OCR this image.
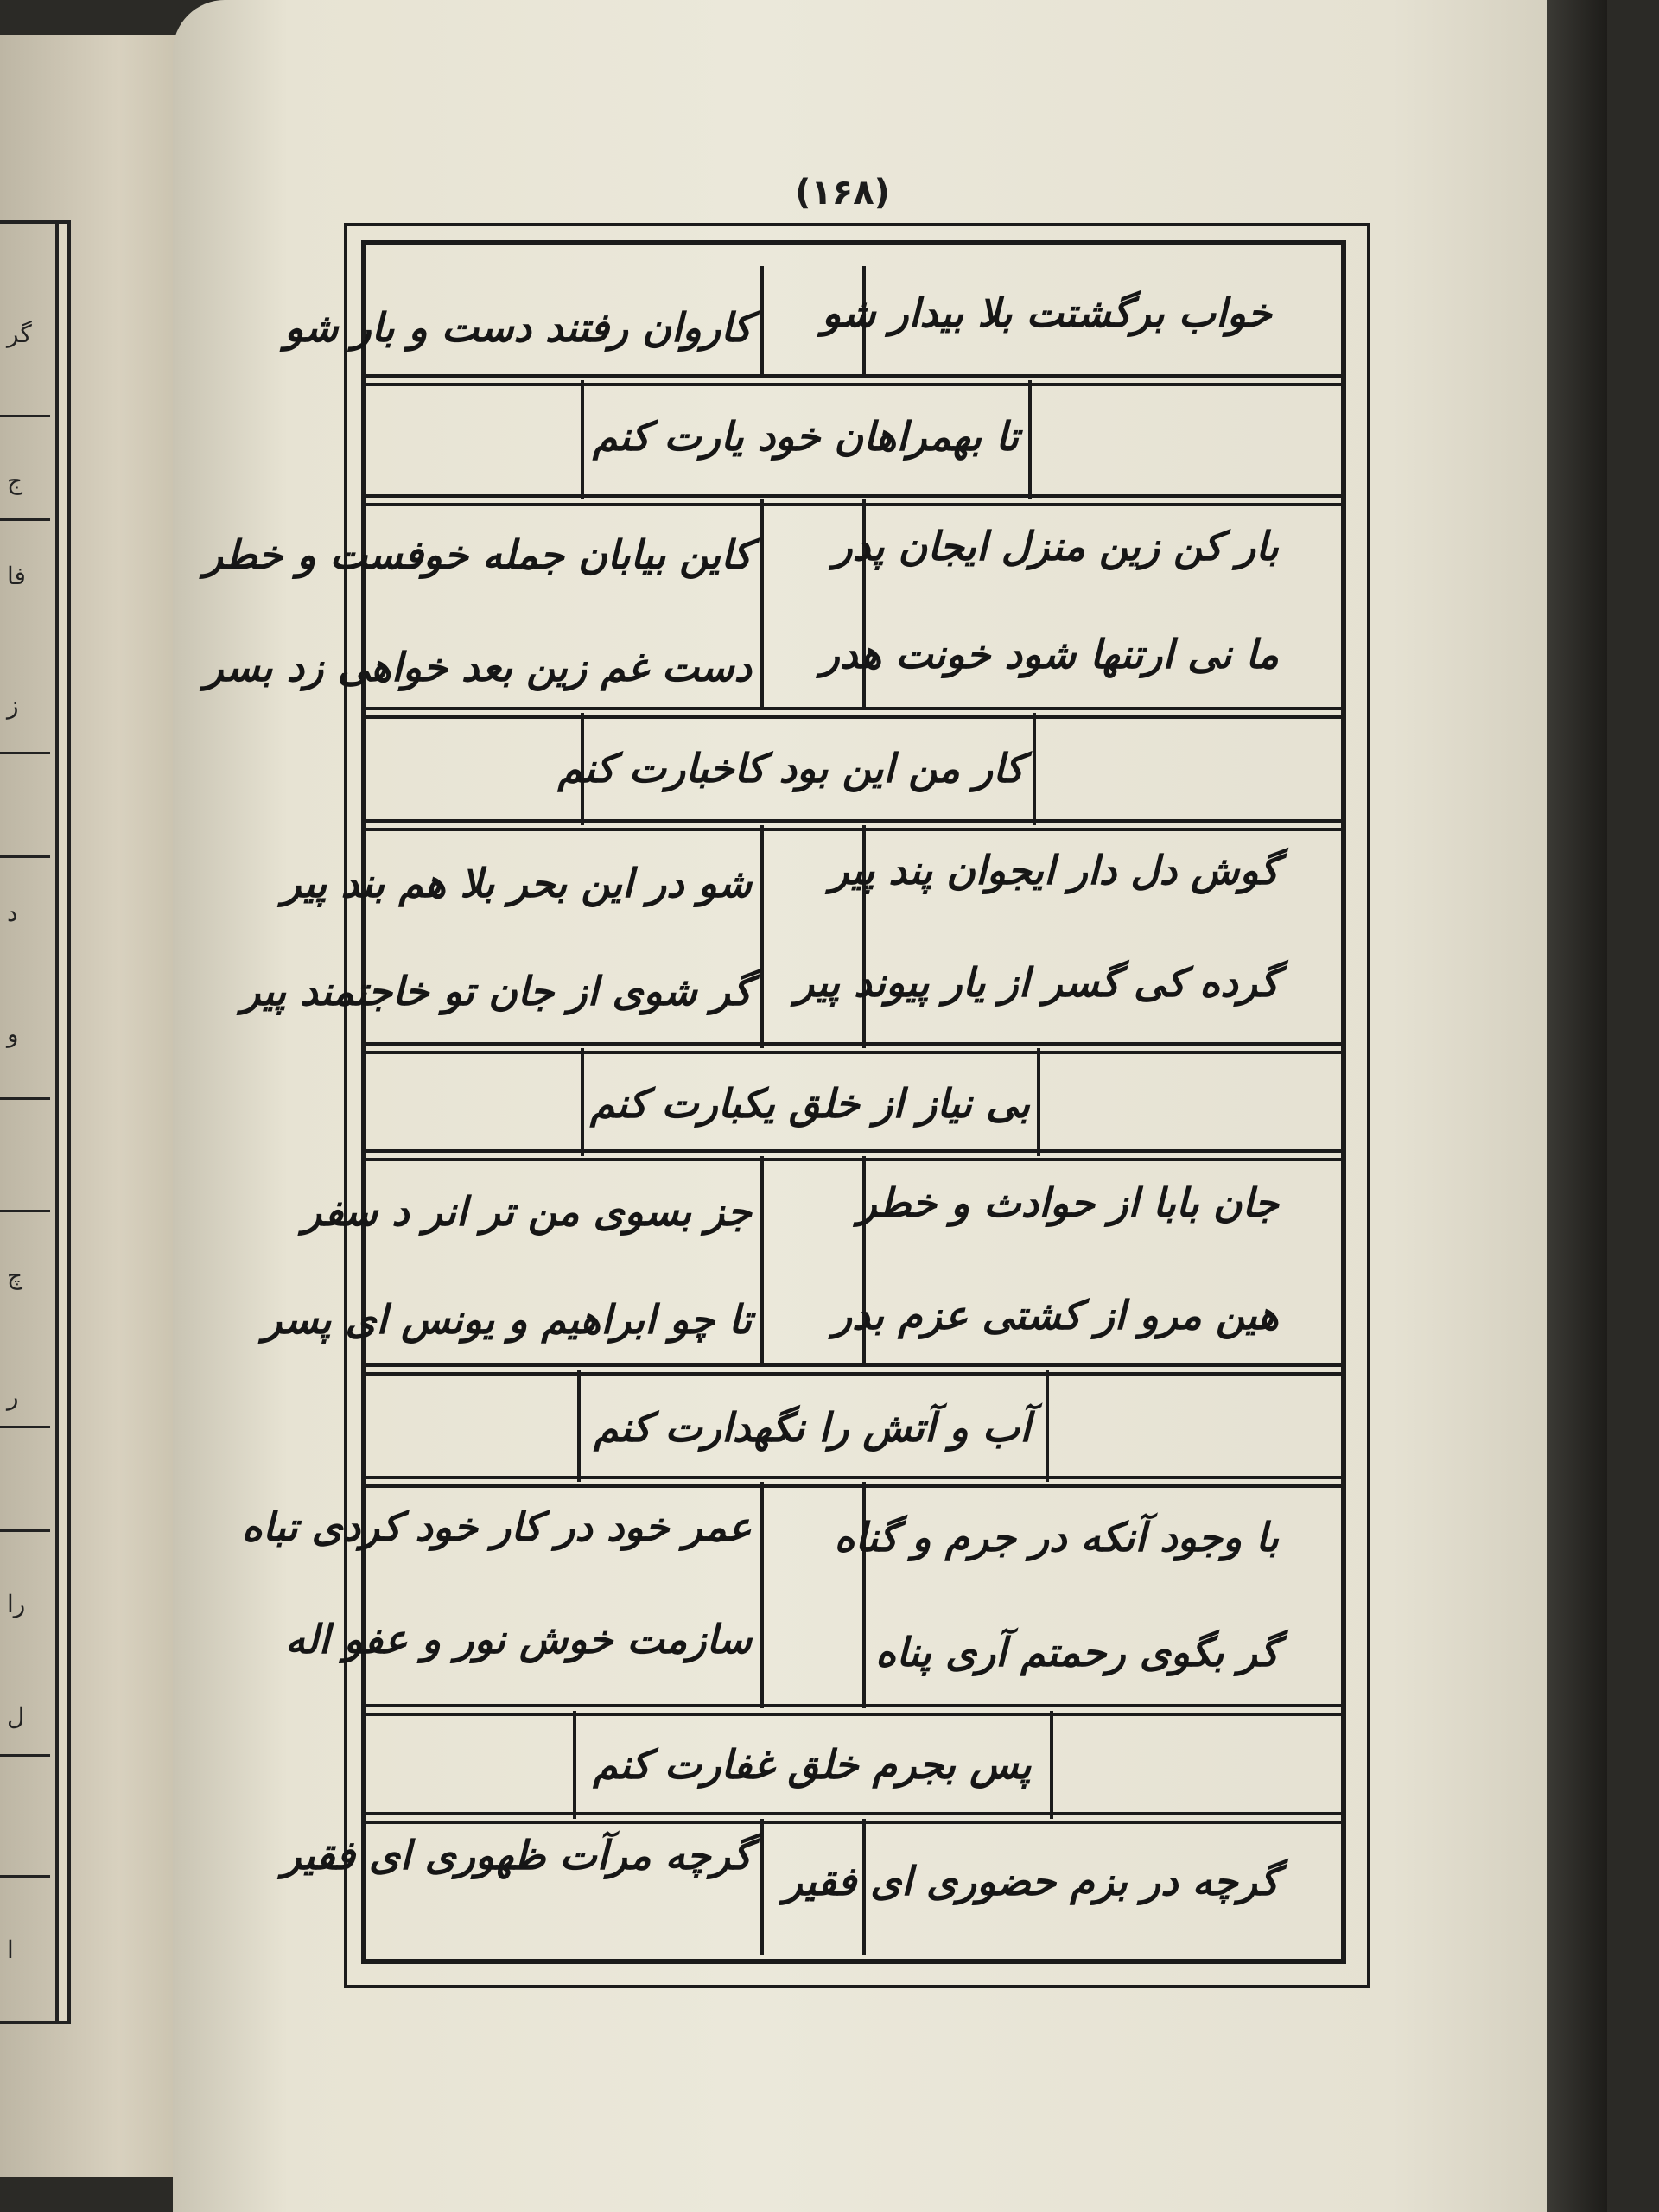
گر
ج
فا
ز
د
و
چ
ر
را
ل
ا
(۱۶۸)
خواب برگشتت بلا بیدار شو
کاروان رفتند دست و بار شو
تا بهمراهان خود یارت کنم
بار کن زین منزل ایجان پدر
ما نی ارتنها شود خونت هدر
کاین بیابان جمله خوفست و خطر
دست غم زین بعد خواهی زد بسر
کار من این بود کاخبارت کنم
گوش دل دار ایجوان پند پیر
گرده کی گسر از یار پیوند پیر
شو در این بحر بلا هم بند پیر
گر شوی از جان تو خاجتمند پیر
بی نیاز از خلق یکبارت کنم
جان بابا از حوادث و خطر
هین مرو از کشتی عزم بدر
جز بسوی من تر انر د سفر
تا چو ابراهیم و یونس ای پسر
آب و آتش را نگهدارت کنم
با وجود آنکه در جرم و گناه
گر بگوی رحمتم آری پناه
عمر خود در کار خود کردی تباه
سازمت خوش نور و عفو اله
پس بجرم خلق غفارت کنم
گرچه در بزم حضوری ای فقیر
گرچه مرآت ظهوری ای فقیر
